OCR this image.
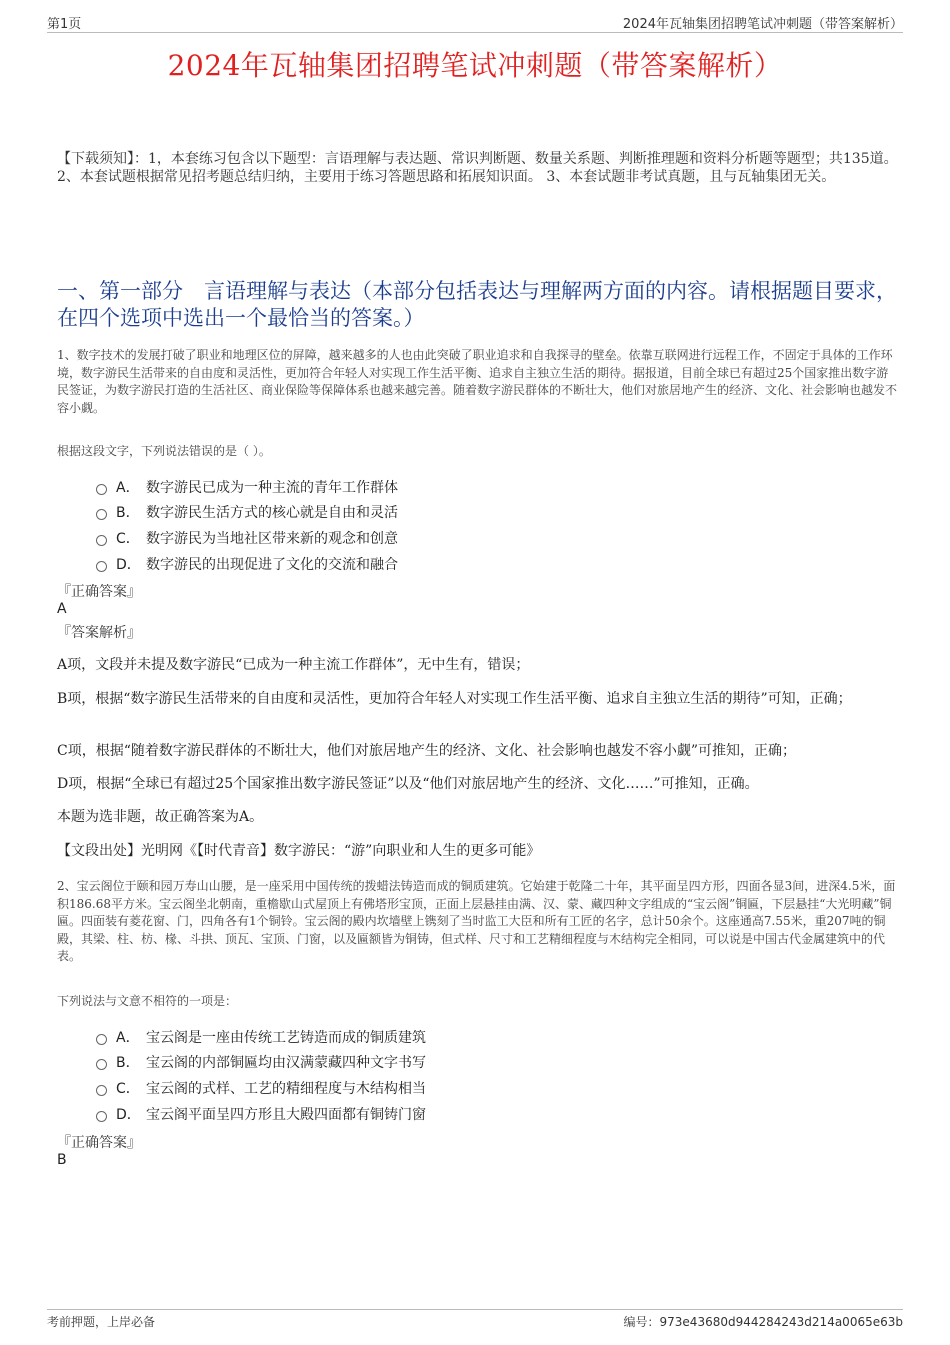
第1页	2024年瓦轴集团招聘笔试冲刺题（带答案解析）
2024年瓦轴集团招聘笔试冲刺题（带答案解析）
【下载须知】：1，本套练习包含以下题型：言语理解与表达题、常识判断题、数量关系题、判断推理题和资料分析题等题型；共135道。 2、本套试题根据常见招考题总结归纳，主要用于练习答题思路和拓展知识面。 3、本套试题非考试真题，且与瓦轴集团无关。
一、第一部分　言语理解与表达（本部分包括表达与理解两方面的内容。请根据题目要求，在四个选项中选出一个最恰当的答案。）
1、数字技术的发展打破了职业和地理区位的屏障，越来越多的人也由此突破了职业追求和自我探寻的壁垒。依靠互联网进行远程工作，不固定于具体的工作环境，数字游民生活带来的自由度和灵活性，更加符合年轻人对实现工作生活平衡、追求自主独立生活的期待。据报道，目前全球已有超过25个国家推出数字游民签证，为数字游民打造的生活社区、商业保险等保障体系也越来越完善。随着数字游民群体的不断壮大，他们对旅居地产生的经济、文化、社会影响也越发不容小觑。
根据这段文字，下列说法错误的是（ ）。
A． 数字游民已成为一种主流的青年工作群体
B． 数字游民生活方式的核心就是自由和灵活
C． 数字游民为当地社区带来新的观念和创意
D． 数字游民的出现促进了文化的交流和融合
『正确答案』
A
『答案解析』
A项，文段并未提及数字游民“已成为一种主流工作群体”，无中生有，错误；
B项，根据“数字游民生活带来的自由度和灵活性，更加符合年轻人对实现工作生活平衡、追求自主独立生活的期待”可知，正确；
C项，根据“随着数字游民群体的不断壮大，他们对旅居地产生的经济、文化、社会影响也越发不容小觑”可推知，正确；
D项，根据“全球已有超过25个国家推出数字游民签证”以及“他们对旅居地产生的经济、文化……”可推知，正确。
本题为选非题，故正确答案为A。
【文段出处】光明网《【时代青音】数字游民：“游”向职业和人生的更多可能》
2、宝云阁位于颐和园万寿山山腰，是一座采用中国传统的拨蜡法铸造而成的铜质建筑。它始建于乾隆二十年，其平面呈四方形，四面各显3间，进深4.5米，面积186.68平方米。宝云阁坐北朝南，重檐歇山式屋顶上有佛塔形宝顶，正面上层悬挂由满、汉、蒙、藏四种文字组成的“宝云阁”铜匾，下层悬挂“大光明藏”铜匾。四面装有菱花窗、门，四角各有1个铜铃。宝云阁的殿内坎墙壁上镌刻了当时监工大臣和所有工匠的名字，总计50余个。这座通高7.55米，重207吨的铜殿，其梁、柱、枋、椽、斗拱、顶瓦、宝顶、门窗，以及匾额皆为铜铸，但式样、尺寸和工艺精细程度与木结构完全相同，可以说是中国古代金属建筑中的代表。
下列说法与文意不相符的一项是：
A． 宝云阁是一座由传统工艺铸造而成的铜质建筑
B． 宝云阁的内部铜匾均由汉满蒙藏四种文字书写
C． 宝云阁的式样、工艺的精细程度与木结构相当
D． 宝云阁平面呈四方形且大殿四面都有铜铸门窗
『正确答案』
B
考前押题，上岸必备	编号：973e43680d944284243d214a0065e63b
